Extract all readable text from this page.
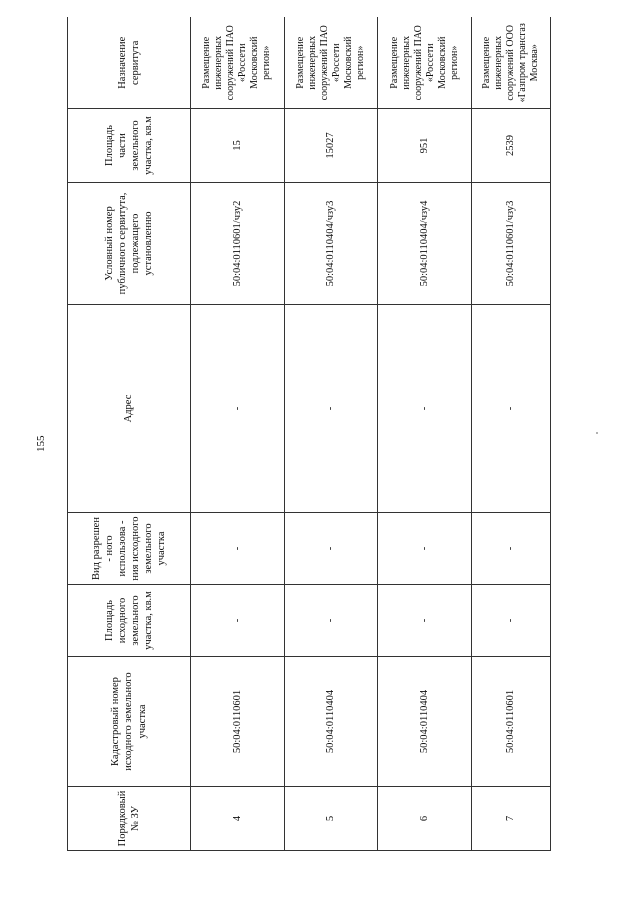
155
Порядковый № ЗУ	Кадастровый номер исходного земельного участка	Площадь исходного земельного участка, кв.м	Вид разрешен - ного использова - ния исходного земельного участка	Адрес	Условный номер публичного сервитута, подлежащего установленню	Площадь части земельного участка, кв.м	Назначение сервитута
4	50:04:0110601	-	-	-	50:04:0110601/чзу2	15	Размещение инженерных сооружений ПАО «Россети Московский регион»
5	50:04:0110404	-	-	-	50:04:0110404/чзу3	15027	Размещение инженерных сооружений ПАО «Россети Московский регион»
6	50:04:0110404	-	-	-	50:04:0110404/чзу4	951	Размещение инженерных сооружений ПАО «Россети Московский регион»
7	50:04:0110601	-	-	-	50:04:0110601/чзу3	2539	Размещение инженерных сооружений ООО «Газпром трансгаз Москва»
